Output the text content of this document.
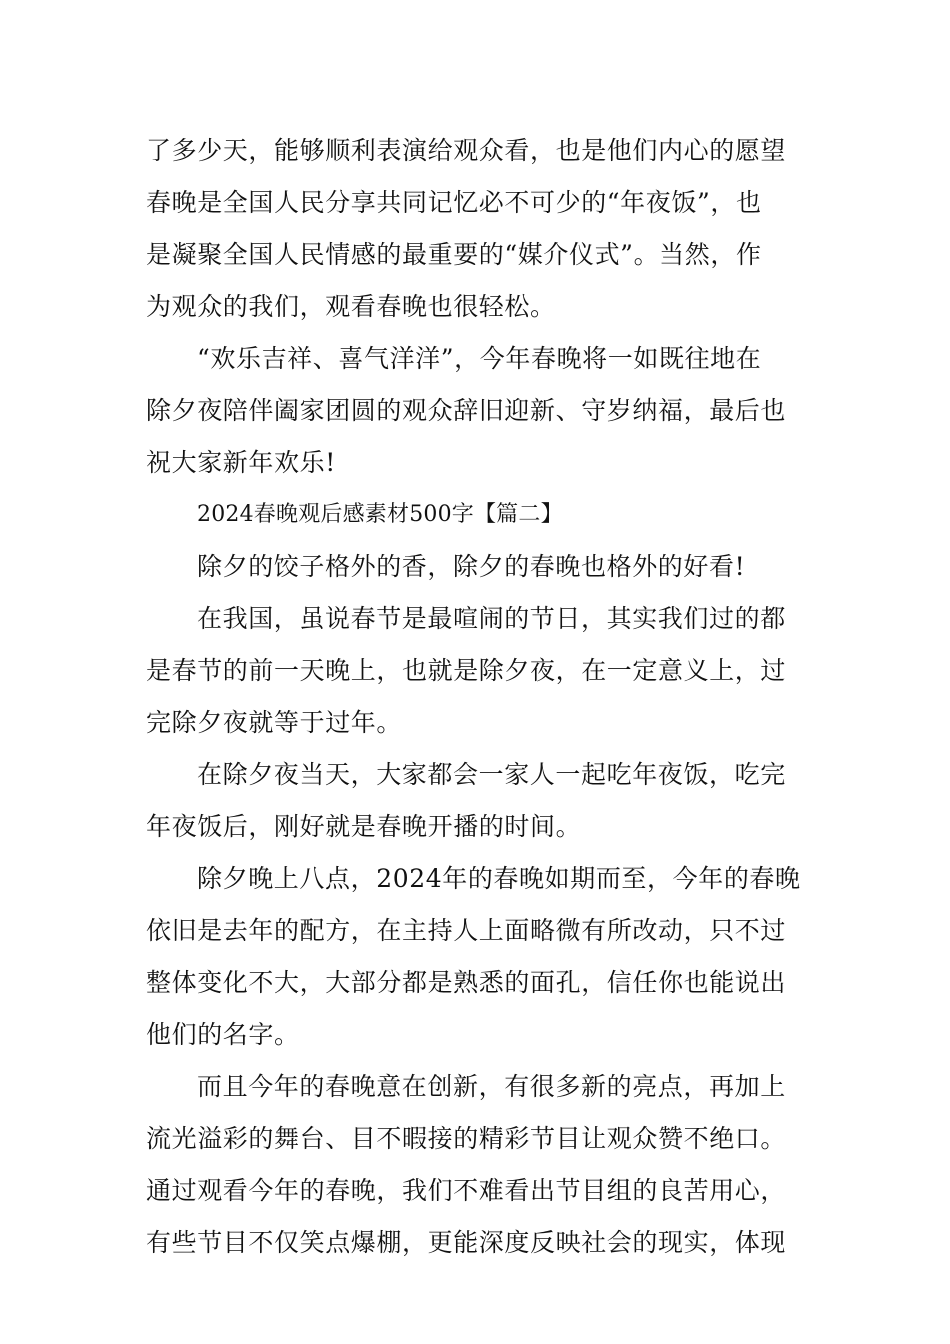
了多少天，能够顺利表演给观众看，也是他们内心的愿望
春晚是全国人民分享共同记忆必不可少的“年夜饭”，也
是凝聚全国人民情感的最重要的“媒介仪式”。当然，作
为观众的我们，观看春晚也很轻松。
“欢乐吉祥、喜气洋洋”，今年春晚将一如既往地在
除夕夜陪伴阖家团圆的观众辞旧迎新、守岁纳福，最后也
祝大家新年欢乐!
2024春晚观后感素材500字【篇二】
除夕的饺子格外的香，除夕的春晚也格外的好看!
在我国，虽说春节是最喧闹的节日，其实我们过的都
是春节的前一天晚上，也就是除夕夜，在一定意义上，过
完除夕夜就等于过年。
在除夕夜当天，大家都会一家人一起吃年夜饭，吃完
年夜饭后，刚好就是春晚开播的时间。
除夕晚上八点，2024年的春晚如期而至，今年的春晚
依旧是去年的配方，在主持人上面略微有所改动，只不过
整体变化不大，大部分都是熟悉的面孔，信任你也能说出
他们的名字。
而且今年的春晚意在创新，有很多新的亮点，再加上
流光溢彩的舞台、目不暇接的精彩节目让观众赞不绝口。
通过观看今年的春晚，我们不难看出节目组的良苦用心，
有些节目不仅笑点爆棚，更能深度反映社会的现实，体现
